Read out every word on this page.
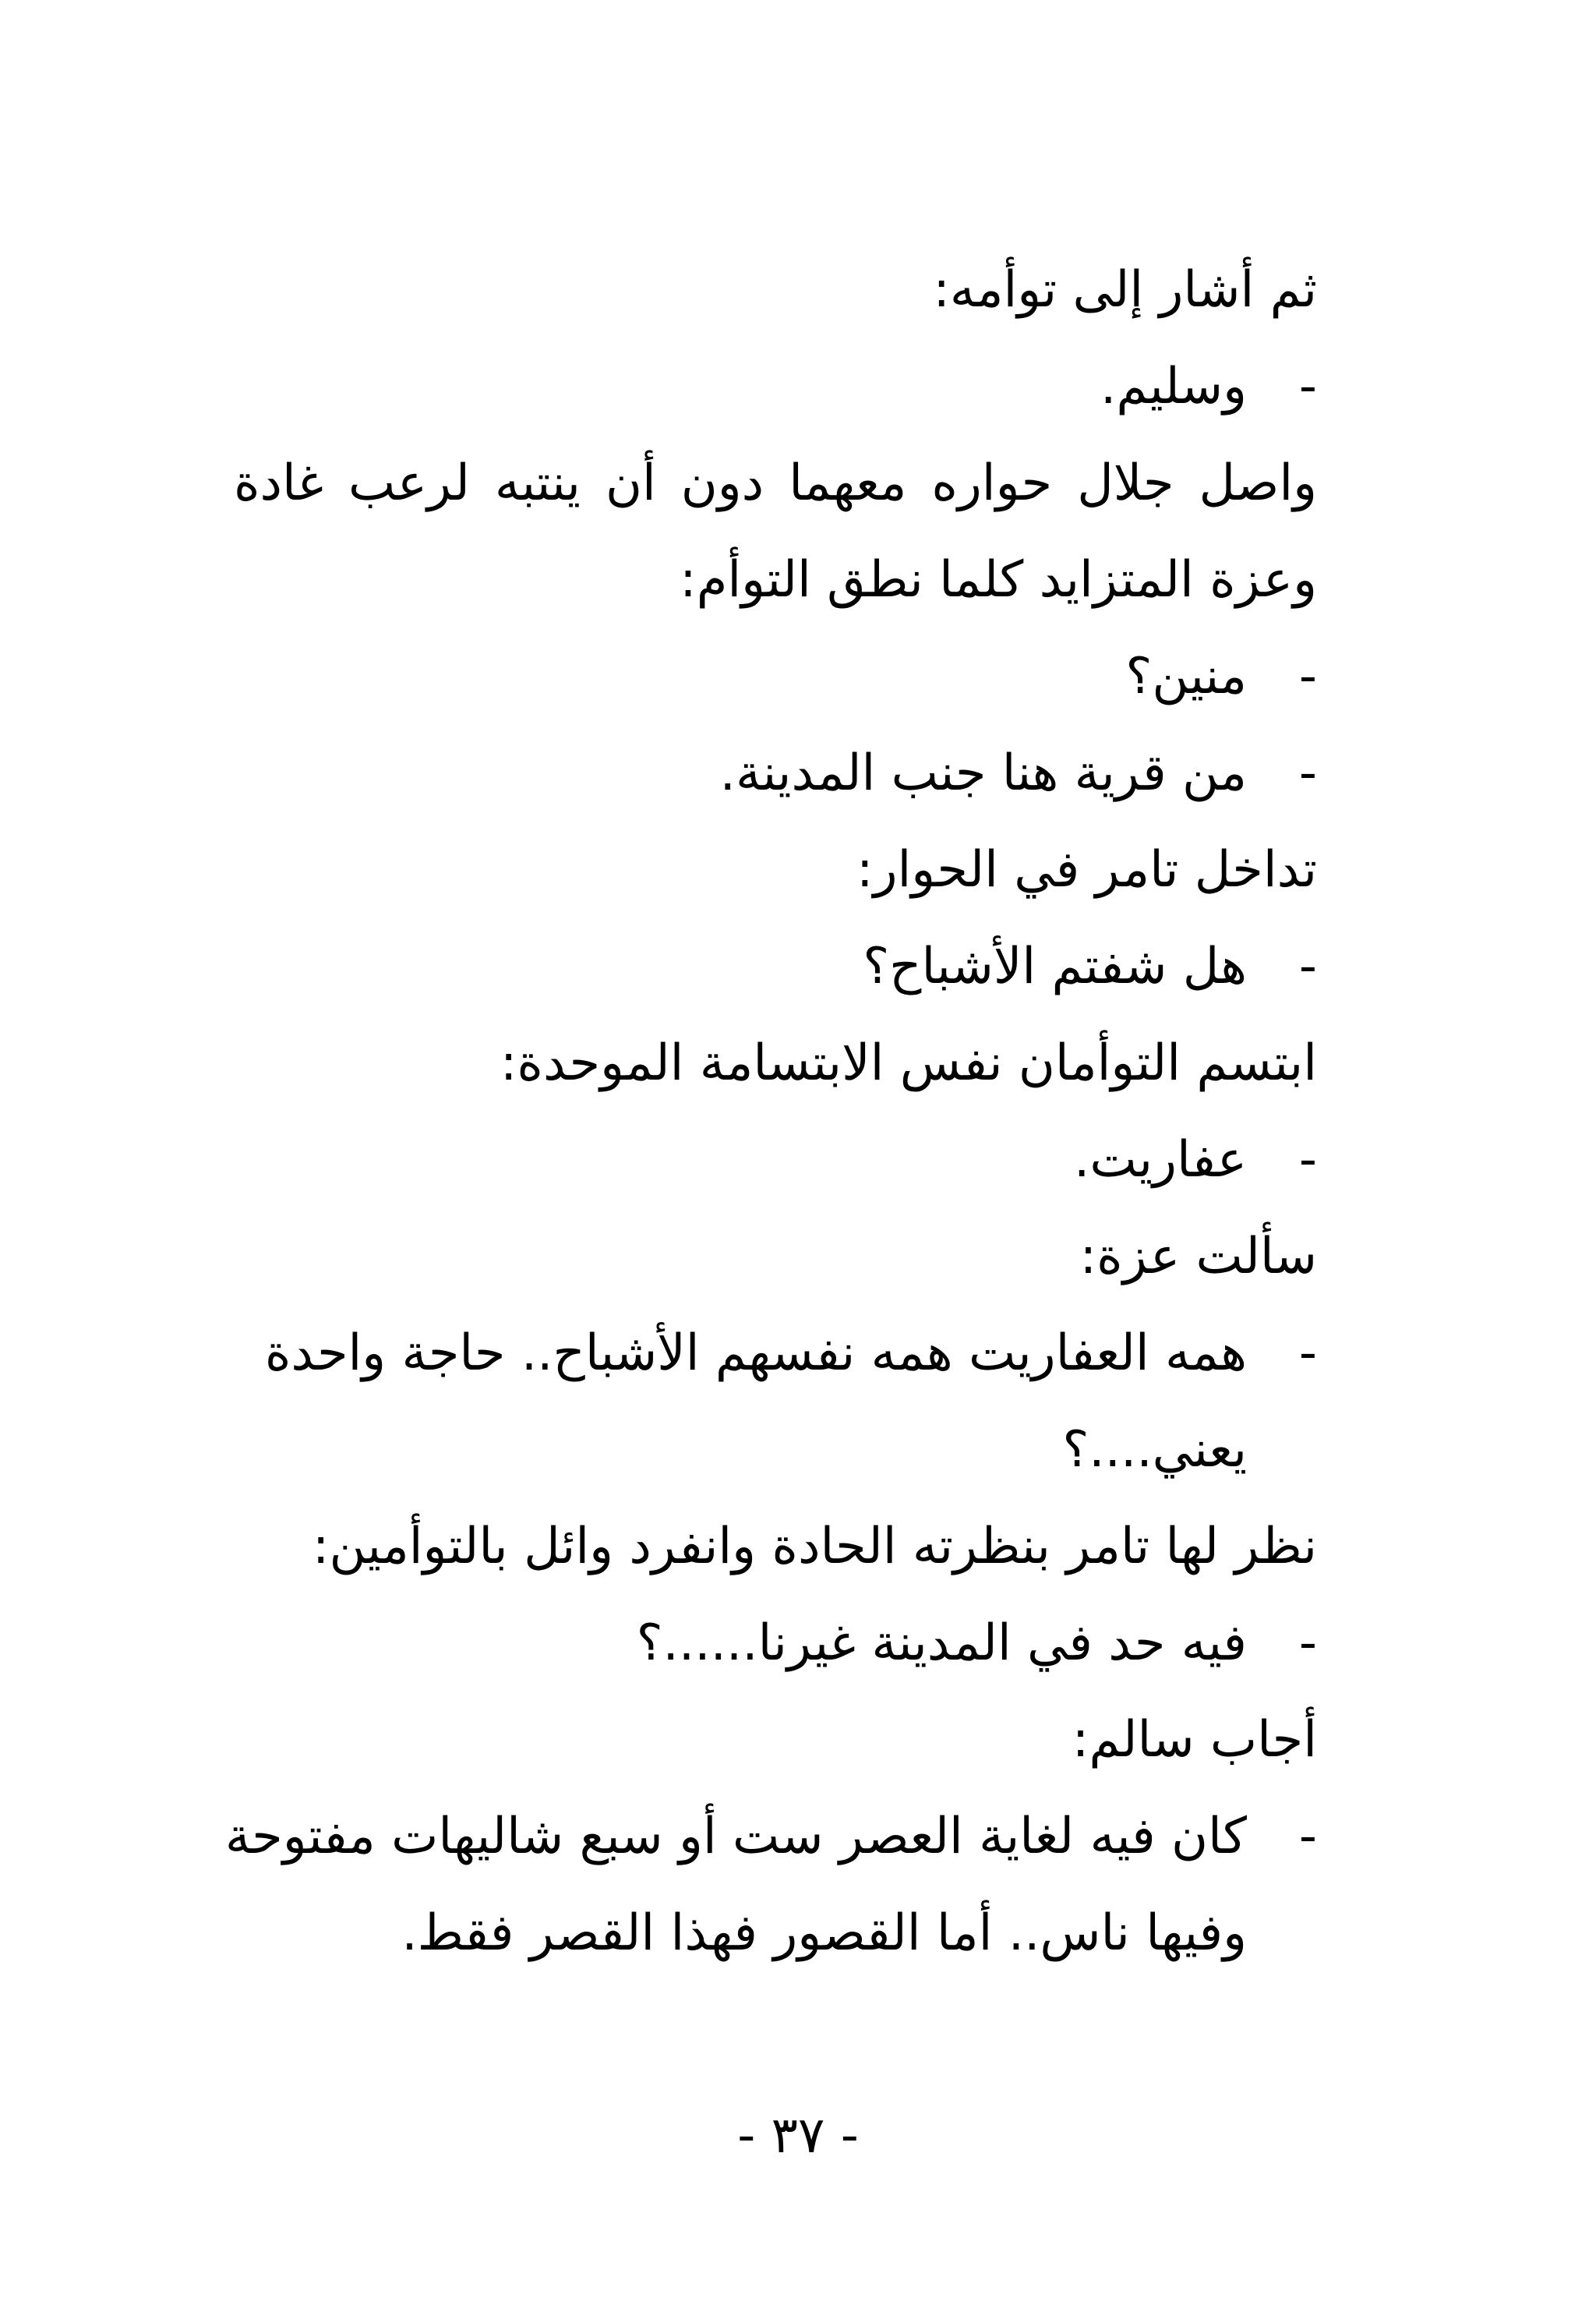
ثم أشار إلى توأمه:
-وسليم.
واصل جلال حواره معهما دون أن ينتبه لرعب غادة
وعزة المتزايد كلما نطق التوأم:
-منين؟
-من قرية هنا جنب المدينة.
تداخل تامر في الحوار:
-هل شفتم الأشباح؟
ابتسم التوأمان نفس الابتسامة الموحدة:
-عفاريت.
سألت عزة:
-همه العفاريت همه نفسهم الأشباح.. حاجة واحدة
يعني....؟
نظر لها تامر بنظرته الحادة وانفرد وائل بالتوأمين:
-فيه حد في المدينة غيرنا......؟
أجاب سالم:
-كان فيه لغاية العصر ست أو سبع شاليهات مفتوحة
وفيها ناس.. أما القصور فهذا القصر فقط.
- ٣٧ -
